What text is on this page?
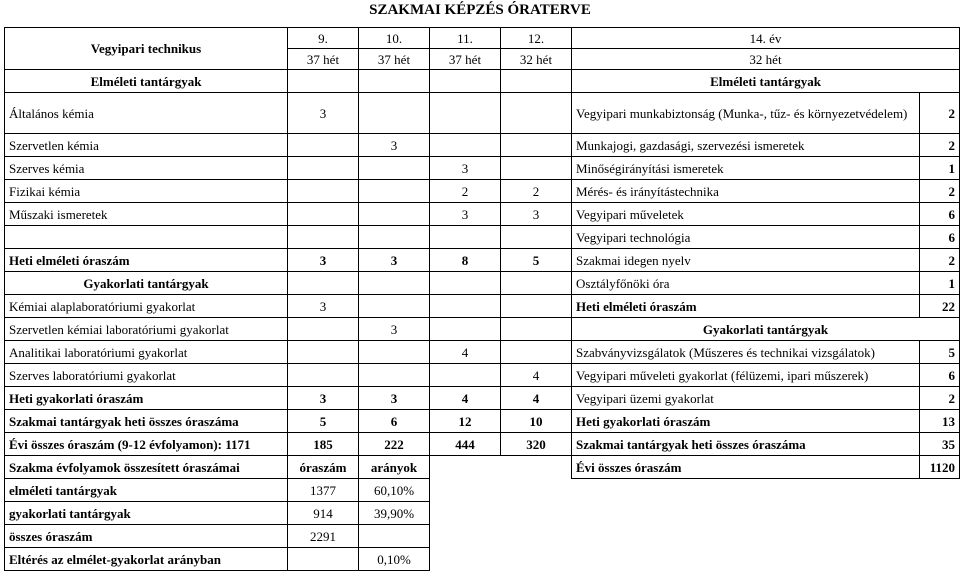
SZAKMAI KÉPZÉS ÓRATERVE
Vegyipari technikus	9.	10.	11.	12.	14. év	
	37 hét	37 hét	37 hét	32 hét	32 hét	
Elméleti tantárgyak					Elméleti tantárgyak	
Általános kémia	3				Vegyipari munkabiztonság (Munka-, tűz- és környezetvédelem)	2
Szervetlen kémia		3			Munkajogi, gazdasági, szervezési ismeretek	2
Szerves kémia			3		Minőségirányítási ismeretek	1
Fizikai kémia			2	2	Mérés- és irányítástechnika	2
Műszaki ismeretek			3	3	Vegyipari műveletek	6
					Vegyipari technológia	6
Heti elméleti óraszám	3	3	8	5	Szakmai idegen nyelv	2
Gyakorlati tantárgyak					Osztályfőnöki óra	1
Kémiai alaplaboratóriumi gyakorlat	3				Heti elméleti óraszám	22
Szervetlen kémiai laboratóriumi gyakorlat		3			Gyakorlati tantárgyak	
Analitikai laboratóriumi gyakorlat			4		Szabványvizsgálatok (Műszeres és technikai vizsgálatok)	5
Szerves laboratóriumi gyakorlat				4	Vegyipari műveleti gyakorlat (félüzemi, ipari műszerek)	6
Heti gyakorlati óraszám	3	3	4	4	Vegyipari üzemi gyakorlat	2
Szakmai tantárgyak heti összes óraszáma	5	6	12	10	Heti gyakorlati óraszám	13
Évi összes óraszám (9-12 évfolyamon): 1171	185	222	444	320	Szakmai tantárgyak heti összes óraszáma	35
Szakma évfolyamok összesített óraszámai	óraszám	arányok			Évi összes óraszám	1120
elméleti tantárgyak	1377	60,10%				
gyakorlati tantárgyak	914	39,90%				
összes óraszám	2291					
Eltérés az elmélet-gyakorlat arányban		0,10%				
